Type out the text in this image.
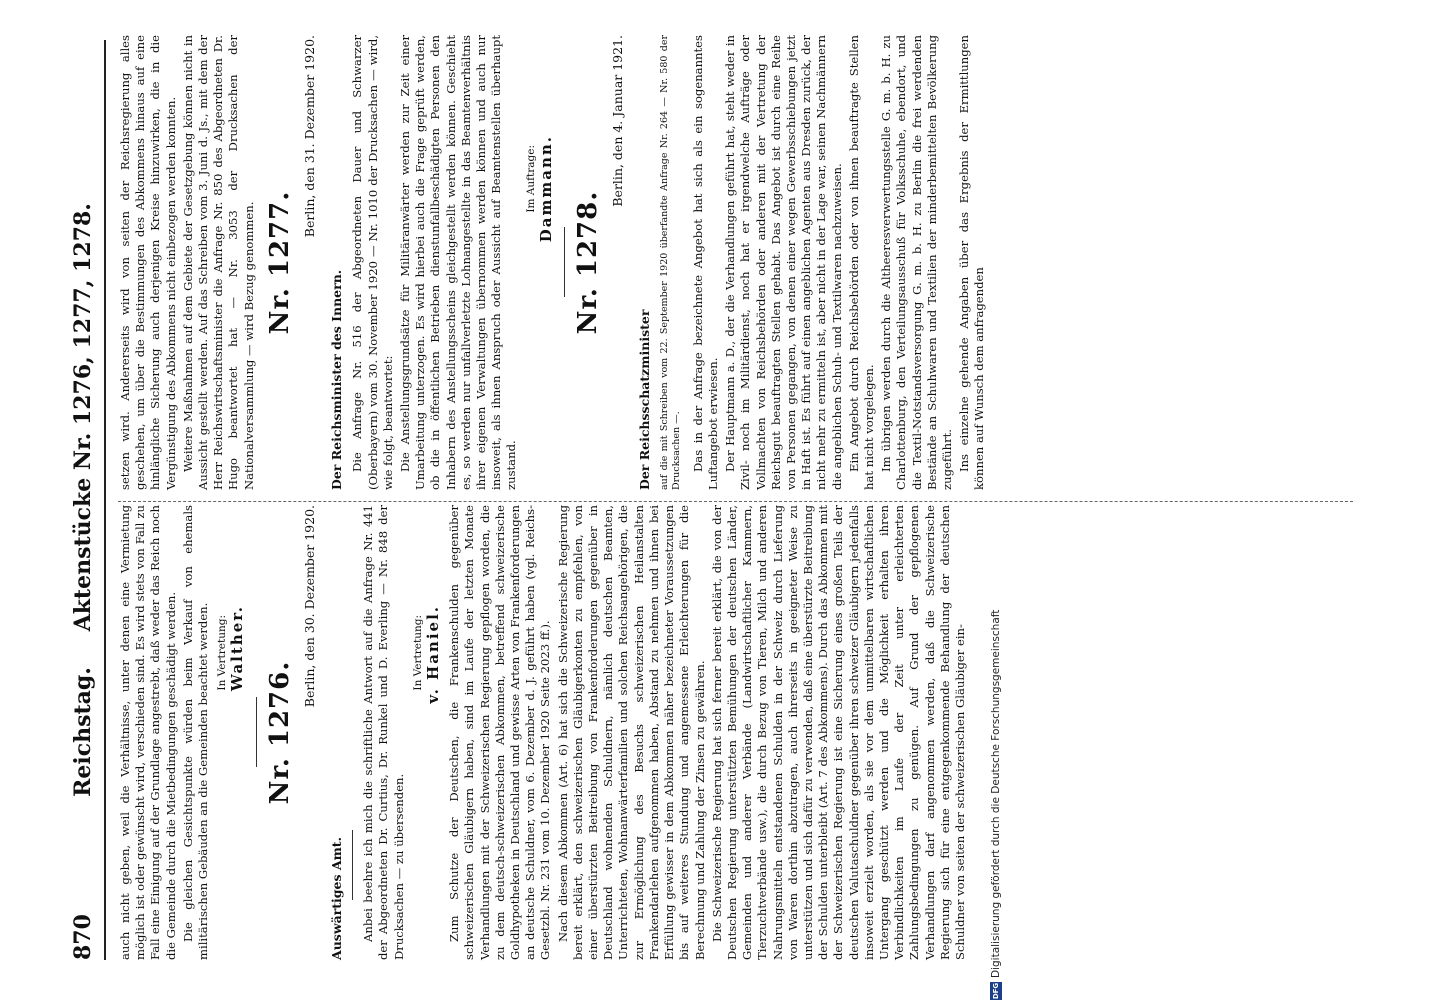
870
Reichstag. Aktenstücke Nr. 1276, 1277, 1278.

auch nicht geben, weil die Verhältnisse, unter denen eine Vermietung möglich ist oder gewünscht wird, verschieden sind. Es wird stets von Fall zu Fall eine Einigung auf der Grundlage angestrebt, daß weder das Reich noch die Gemeinde durch die Mietbedingungen geschädigt werden. Die gleichen Gesichtspunkte würden beim Verkauf von ehemals militärischen Gebäuden an die Gemeinden beachtet werden. In Vertretung: Walther.
Nr. 1276.
Berlin, den 30. Dezember 1920.
Auswärtiges Amt. Anbei beehre ich mich die schriftliche Antwort auf die Anfrage Nr. 441 der Abgeordneten Dr. Curtius, Dr. Runkel und D. Everling — Nr. 848 der Drucksachen — zu übersenden.

In Vertretung: v. Haniel. Zum Schutze der Deutschen, die Frankenschulden gegenüber schweizerischen Gläubigern haben, sind im Laufe der letzten Monate Verhandlungen mit der Schweizerischen Regierung gepflogen worden, die zu dem deutsch-schweizerischen Abkommen, betreffend schweizerische Goldhypotheken in Deutschland und gewisse Arten von Frankenforderungen an deutsche Schuldner, vom 6. Dezember d. J. geführt haben (vgl. Reichs-Gesetzbl. Nr. 231 vom 10. Dezember 1920 Seite 2023 ff.). Nach diesem Abkommen (Art. 6) hat sich die Schweizerische Regierung bereit erklärt, den schweizerischen Gläubigerkonten zu empfehlen, von einer überstürzten Beitreibung von Frankenforderungen gegenüber in Deutschland wohnenden Schuldnern, nämlich deutschen Beamten, Unterrichteten, Wohnanwärterfamilien und solchen Reichsangehörigen, die zur Ermöglichung des Besuchs schweizerischen Heilanstalten Frankendarlehen aufgenommen haben, Abstand zu nehmen und ihnen bei Erfüllung gewisser in dem Abkommen näher bezeichneter Voraussetzungen bis auf weiteres Stundung und angemessene Erleichterungen für die Berechnung und Zahlung der Zinsen zu gewähren. Die Schweizerische Regierung hat sich ferner bereit erklärt, die von der Deutschen Regierung unterstützten Bemühungen der deutschen Länder, Gemeinden und anderer Verbände (Landwirtschaftlicher Kammern, Tierzuchtverbände usw.), die durch Bezug von Tieren, Milch und anderen Nahrungsmitteln entstandenen Schulden in der Schweiz durch Lieferung von Waren dorthin abzutragen, auch ihrerseits in geeigneter Weise zu unterstützen und sich dafür zu verwenden, daß eine überstürzte Beitreibung der Schulden unterbleibt (Art. 7 des Abkommens). Durch das Abkommen mit der Schweizerischen Regierung ist eine Sicherung eines großen Teils der deutschen Valutaschuldner gegenüber ihren schweizer Gläubigern jedenfalls insoweit erzielt worden, als sie vor dem unmittelbaren wirtschaftlichen Untergang geschützt werden und die Möglichkeit erhalten ihren Verbindlichkeiten im Laufe der Zeit unter erleichterten Zahlungsbedingungen zu genügen. Auf Grund der gepflogenen Verhandlungen darf angenommen werden, daß die Schweizerische Regierung sich für eine entgegenkommende Behandlung der deutschen Schuldner von seiten der schweizerischen Gläubiger ein-

setzen wird. Andererseits wird von seiten der Reichsregierung alles geschehen, um über die Bestimmungen des Abkommens hinaus auf eine hinlängliche Sicherung auch derjenigen Kreise hinzuwirken, die in die Vergünstigung des Abkommens nicht einbezogen werden konnten. Weitere Maßnahmen auf dem Gebiete der Gesetzgebung können nicht in Aussicht gestellt werden. Auf das Schreiben vom 3. Juni d. Js., mit dem der Herr Reichswirtschaftsminister die Anfrage Nr. 850 des Abgeordneten Dr. Hugo beantwortet hat — Nr. 3053 der Drucksachen der Nationalversammlung — wird Bezug genommen. Nr. 1277.
Berlin, den 31. Dezember 1920.
Der Reichsminister des Innern. Die Anfrage Nr. 516 der Abgeordneten Dauer und Schwarzer (Oberbayern) vom 30. November 1920 — Nr. 1010 der Drucksachen — wird, wie folgt, beantwortet: Die Anstellungsgrundsätze für Militäranwärter werden zur Zeit einer Umarbeitung unterzogen. Es wird hierbei auch die Frage geprüft werden, ob die in öffentlichen Betrieben dienstunfallbeschädigten Personen den Inhabern des Anstellungsscheins gleichgestellt werden können. Geschieht es, so werden nur unfallverletzte Lohnangestellte in das Beamtenverhältnis ihrer eigenen Verwaltungen übernommen werden können und auch nur insoweit, als ihnen Anspruch oder Aussicht auf Beamtenstellen überhaupt zustand.

Im Auftrage: Dammann.
Nr. 1278.
Berlin, den 4. Januar 1921.
Der Reichsschatzminister auf die mit Schreiben vom 22. September 1920 überfandte Anfrage Nr. 264 — Nr. 580 der Drucksachen —. Das in der Anfrage bezeichnete Angebot hat sich als ein sogenanntes Luftangebot erwiesen. Der Hauptmann a. D., der die Verhandlungen geführt hat, steht weder in Zivil- noch im Militärdienst, noch hat er irgendwelche Aufträge oder Vollmachten von Reichsbehörden oder anderen mit der Vertretung der Reichsgut beauftragten Stellen gehabt. Das Angebot ist durch eine Reihe von Personen gegangen, von denen einer wegen Gewerbsschiebungen jetzt in Haft ist. Es führt auf einen angeblichen Agenten aus Dresden zurück, der nicht mehr zu ermitteln ist, aber nicht in der Lage war, seinen Nachmännern die angeblichen Schuh- und Textilwaren nachzuweisen. Ein Angebot durch Reichsbehörden oder von ihnen beauftragte Stellen hat nicht vorgelegen. Im übrigen werden durch die Altheeresverwertungsstelle G. m. b. H. zu Charlottenburg, den Verteilungsausschuß für Volksschuhe, ebendort, und die Textil-Notstandsversorgung G. m. b. H. zu Berlin die frei werdenden Bestände an Schuhwaren und Textilien der minderbemittelten Bevölkerung zugeführt. Ins einzelne gehende Angaben über das Ergebnis der Ermittlungen können auf Wunsch dem anfragenden

DFGDigitalisierung gefördert durch die Deutsche Forschungsgemeinschaft
